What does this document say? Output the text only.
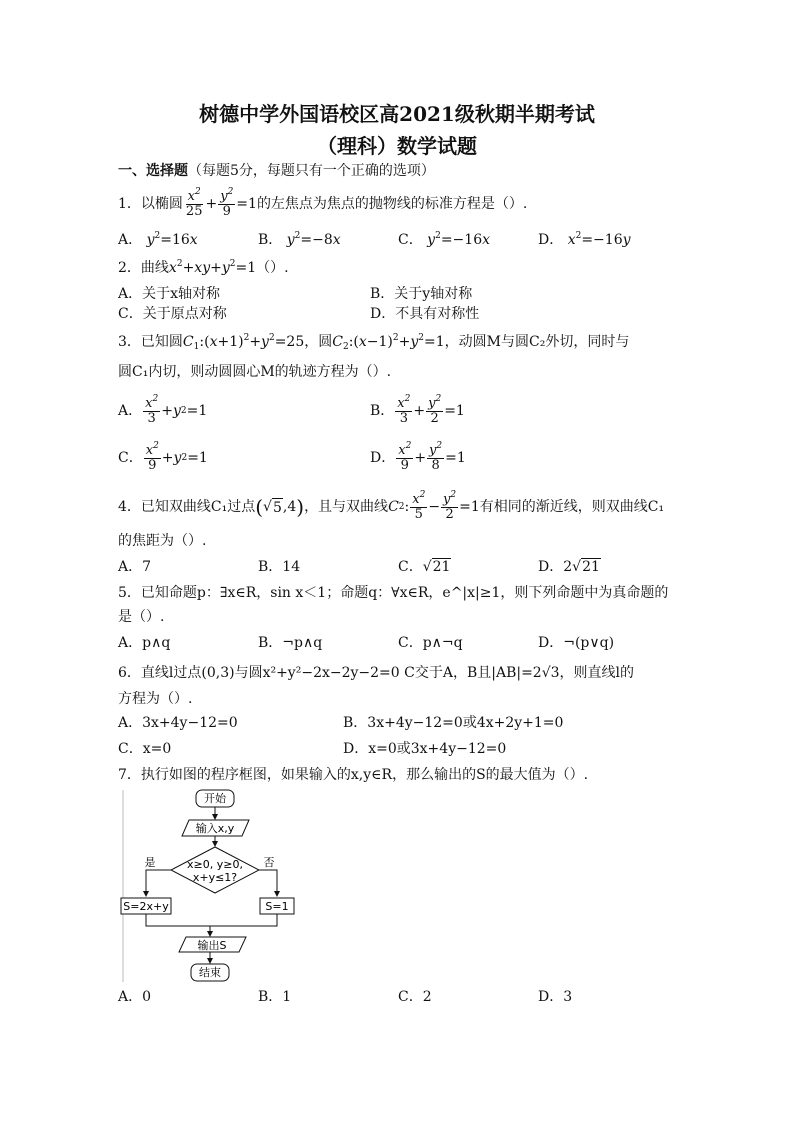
树德中学外国语校区高2021级秋期半期考试
（理科）数学试题
一、选择题（每题5分，每题只有一个正确的选项）
1．以椭圆 $\frac{x^2}{25} + \frac{y^2}{9} =1$ 的左焦点为焦点的抛物线的标准方程是（）.
A． $y^2=16x$	B． $y^2=-8x$	C． $y^2=-16x$	D． $x^2=-16y$
2．曲线$x^2+xy+y^2=1()$.
A．关于x轴对称	B．关于y轴对称
C．关于原点对称	D．不具有对称性
3．已知圆$C_1:(x+1)^2+y^2=25$，圆$C_2:(x-1)^2+y^2=1$，动圆M与圆C₂外切，同时与
圆C₁内切，则动圆圆心M的轨迹方程为（）.
A． $\frac{x^2}{3} + y$ 2 =1	B． $\frac{x^2}{3} + \frac{y^2}{2} =1$
C． $\frac{x^2}{9} + y$ 2 =1	D． $\frac{x^2}{9} + \frac{y^2}{8} =1$
4．已知双曲线C₁过点 ( √ 5 ,4 ) ，且与双曲线 C 2 : $\frac{x^2}{5} - \frac{y^2}{2} =1$ 有相同的渐近线，则双曲线C₁
的焦距为（）.
A．7	B．14	C．√21	D．2√21
5．已知命题p：∃x∈R，sin x＜1；命题q：∀x∈R，e^|x|≥1，则下列命题中为真命题的
是（）.
A．p∧q	B．¬p∧q	C．p∧¬q	D．¬(p∨q)
6．直线l过点(0,3)与圆x²+y²−2x−2y−2=0 C交于A，B且|AB|=2√3，则直线l的
方程为（）.
A．3x+4y−12=0	B．3x+4y−12=0或4x+2y+1=0
C．x=0	D．x=0或3x+4y−12=0
7．执行如图的程序框图，如果输入的x,y∈R，那么输出的S的最大值为（）.
开始
输入x,y
x≥0, y≥0,
x+y≤1?
是
S=2x+y
否
S=1
输出S
结束
A．0	B．1	C．2	D．3
